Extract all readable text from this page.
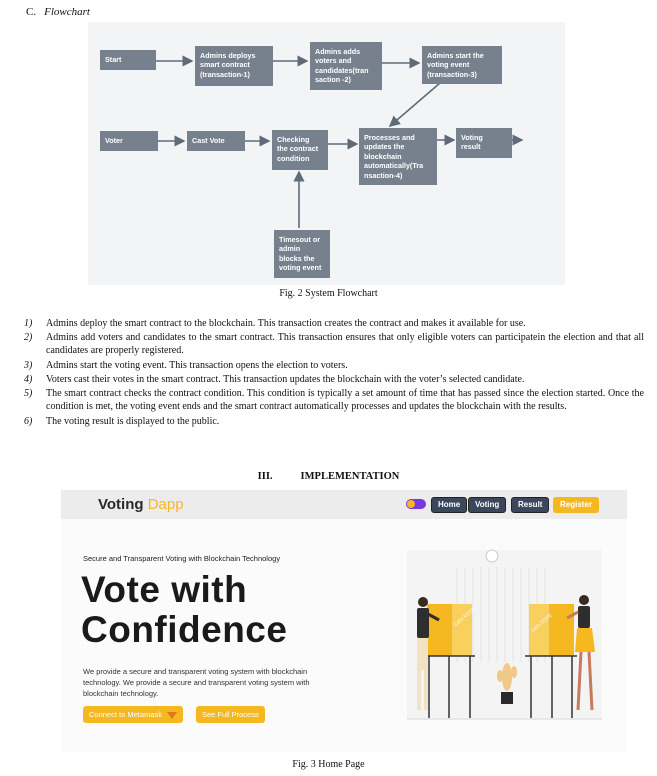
C. Flowchart
Start	Admins deploys
smart contract
(transaction-1)
Admins adds
voters and
candidates(tran
saction -2)
Admins start the
voting event
(transaction-3)
Voter	Cast Vote	Checking
the contract
condition
Processes and
updates the
blockchain
automatically(Tra
nsaction-4)
Voting
result
Timesout or
admin
blocks the
voting event
Fig. 2 System Flowchart
1)	Admins deploy the smart contract to the blockchain. This transaction creates the contract and makes it available for use.
2)	Admins add voters and candidates to the smart contract. This transaction ensures that only eligible voters can participatein the election and that all candidates are properly registered.
3)	Admins start the voting event. This transaction opens the election to voters.
4)	Voters cast their votes in the smart contract. This transaction updates the blockchain with the voter’s selected candidate.
5)	The smart contract checks the contract condition. This condition is typically a set amount of time that has passed since the election started. Once the condition is met, the voting event ends and the smart contract automatically processes and updates the blockchain with the results.
6)	The voting result is displayed to the public.
III.	IMPLEMENTATION
Voting Dapp	Home	Voting	Result	Register
Secure and Transparent Voting with Blockchain Technology
Vote with
Confidence
We provide a secure and transparent voting system with blockchain technology. We provide a secure and transparent voting system with blockchain technology.
Connect to Metamask	See Full Process
Let's VOTE	Let's VOTE
Fig. 3 Home Page
